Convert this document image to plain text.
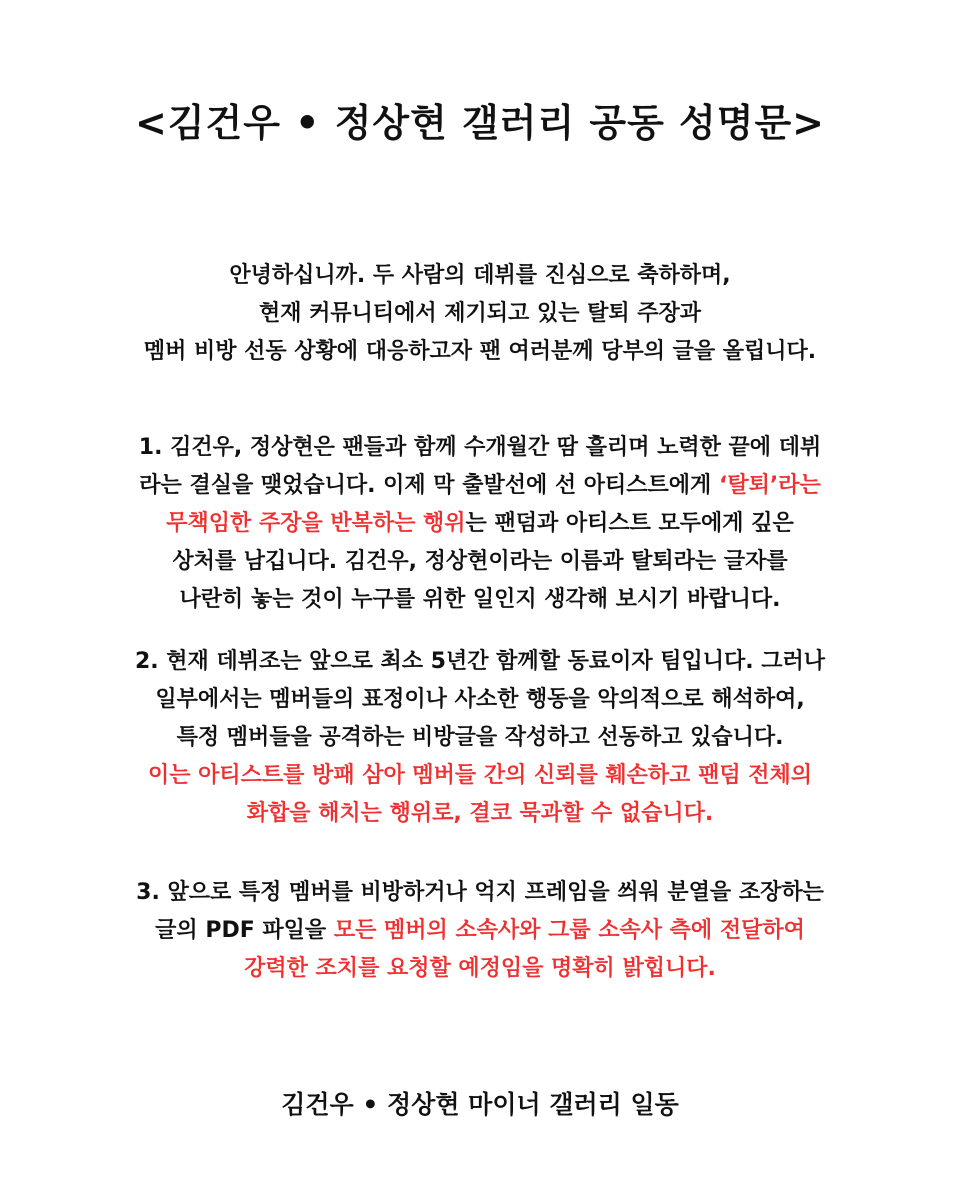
<김건우 • 정상현 갤러리 공동 성명문>
안녕하십니까. 두 사람의 데뷔를 진심으로 축하하며,
현재 커뮤니티에서 제기되고 있는 탈퇴 주장과
멤버 비방 선동 상황에 대응하고자 팬 여러분께 당부의 글을 올립니다.
1. 김건우, 정상현은 팬들과 함께 수개월간 땀 흘리며 노력한 끝에 데뷔
라는 결실을 맺었습니다. 이제 막 출발선에 선 아티스트에게 ‘탈퇴’라는
무책임한 주장을 반복하는 행위는 팬덤과 아티스트 모두에게 깊은
상처를 남깁니다. 김건우, 정상현이라는 이름과 탈퇴라는 글자를
나란히 놓는 것이 누구를 위한 일인지 생각해 보시기 바랍니다.
2. 현재 데뷔조는 앞으로 최소 5년간 함께할 동료이자 팀입니다. 그러나
일부에서는 멤버들의 표정이나 사소한 행동을 악의적으로 해석하여,
특정 멤버들을 공격하는 비방글을 작성하고 선동하고 있습니다.
이는 아티스트를 방패 삼아 멤버들 간의 신뢰를 훼손하고 팬덤 전체의
화합을 해치는 행위로, 결코 묵과할 수 없습니다.
3. 앞으로 특정 멤버를 비방하거나 억지 프레임을 씌워 분열을 조장하는
글의 PDF 파일을 모든 멤버의 소속사와 그룹 소속사 측에 전달하여
강력한 조치를 요청할 예정임을 명확히 밝힙니다.
김건우 • 정상현 마이너 갤러리 일동
